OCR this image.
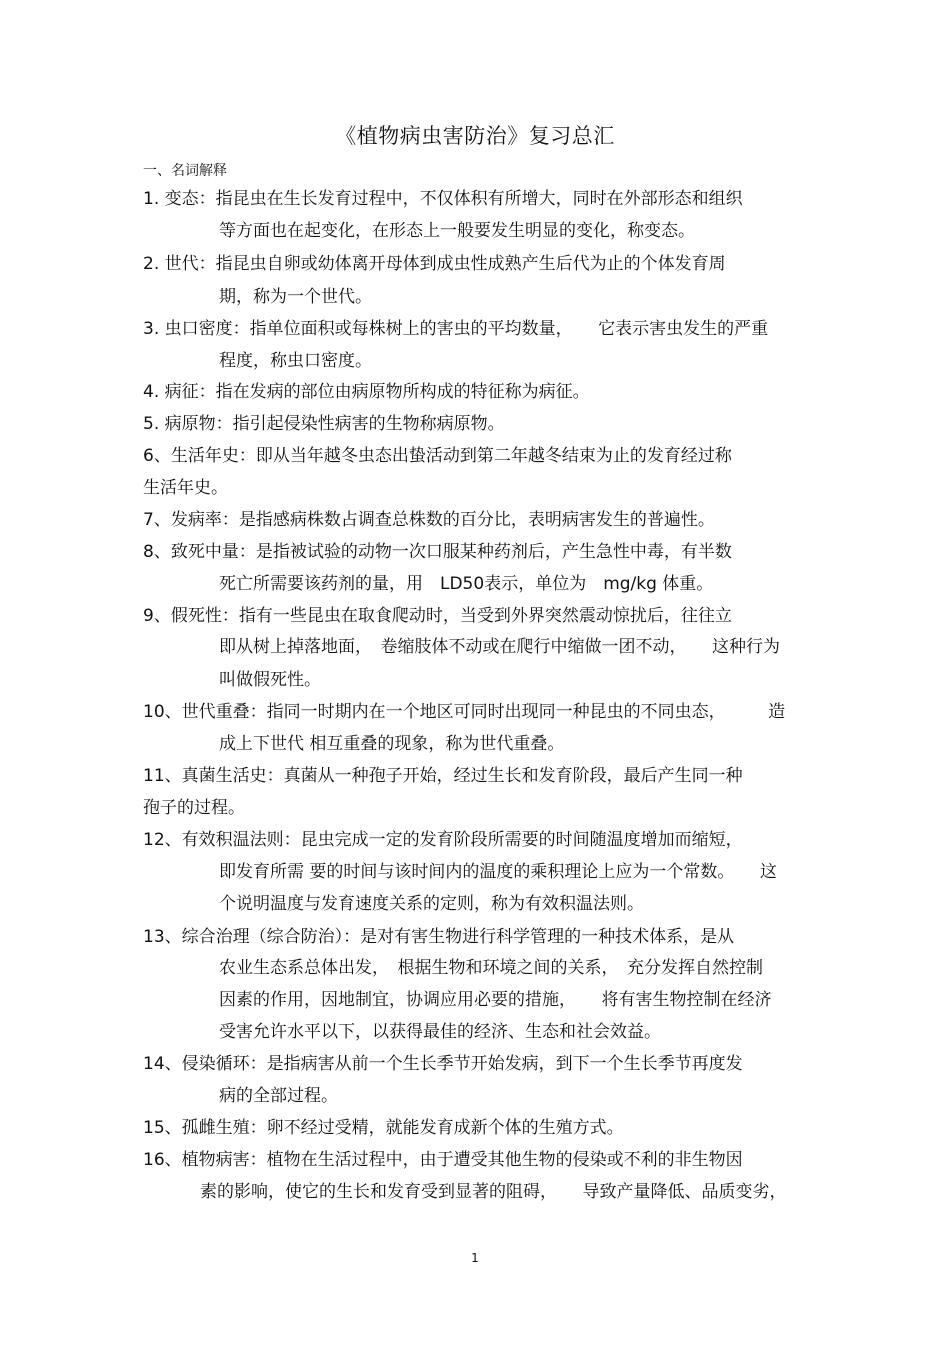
《植物病虫害防治》复习总汇
一、名词解释
1. 变态：指昆虫在生长发育过程中，不仅体积有所增大，同时在外部形态和组织
等方面也在起变化，在形态上一般要发生明显的变化，称变态。
2. 世代：指昆虫自卵或幼体离开母体到成虫性成熟产生后代为止的个体发育周
期，称为一个世代。
3. 虫口密度：指单位面积或每株树上的害虫的平均数量，　　它表示害虫发生的严重
程度，称虫口密度。
4. 病征：指在发病的部位由病原物所构成的特征称为病征。
5. 病原物：指引起侵染性病害的生物称病原物。
6、生活年史：即从当年越冬虫态出蛰活动到第二年越冬结束为止的发育经过称
生活年史。
7、发病率：是指感病株数占调查总株数的百分比，表明病害发生的普遍性。
8、致死中量：是指被试验的动物一次口服某种药剂后，产生急性中毒，有半数
死亡所需要该药剂的量，用　LD50表示，单位为　mg/kg 体重。
9、假死性：指有一些昆虫在取食爬动时，当受到外界突然震动惊扰后，往往立
即从树上掉落地面，　卷缩肢体不动或在爬行中缩做一团不动，　　这种行为
叫做假死性。
10、世代重叠：指同一时期内在一个地区可同时出现同一种昆虫的不同虫态，　　　造
成上下世代 相互重叠的现象，称为世代重叠。
11、真菌生活史：真菌从一种孢子开始，经过生长和发育阶段，最后产生同一种
孢子的过程。
12、有效积温法则：昆虫完成一定的发育阶段所需要的时间随温度增加而缩短，
即发育所需 要的时间与该时间内的温度的乘积理论上应为一个常数。　　这
个说明温度与发育速度关系的定则，称为有效积温法则。
13、综合治理（综合防治）：是对有害生物进行科学管理的一种技术体系，是从
农业生态系总体出发，　根据生物和环境之间的关系，　充分发挥自然控制
因素的作用，因地制宜，协调应用必要的措施，　　将有害生物控制在经济
受害允许水平以下，以获得最佳的经济、生态和社会效益。
14、侵染循环：是指病害从前一个生长季节开始发病，到下一个生长季节再度发
病的全部过程。
15、孤雌生殖：卵不经过受精，就能发育成新个体的生殖方式。
16、植物病害：植物在生活过程中，由于遭受其他生物的侵染或不利的非生物因
素的影响，使它的生长和发育受到显著的阻碍，　　导致产量降低、品质变劣，
1
